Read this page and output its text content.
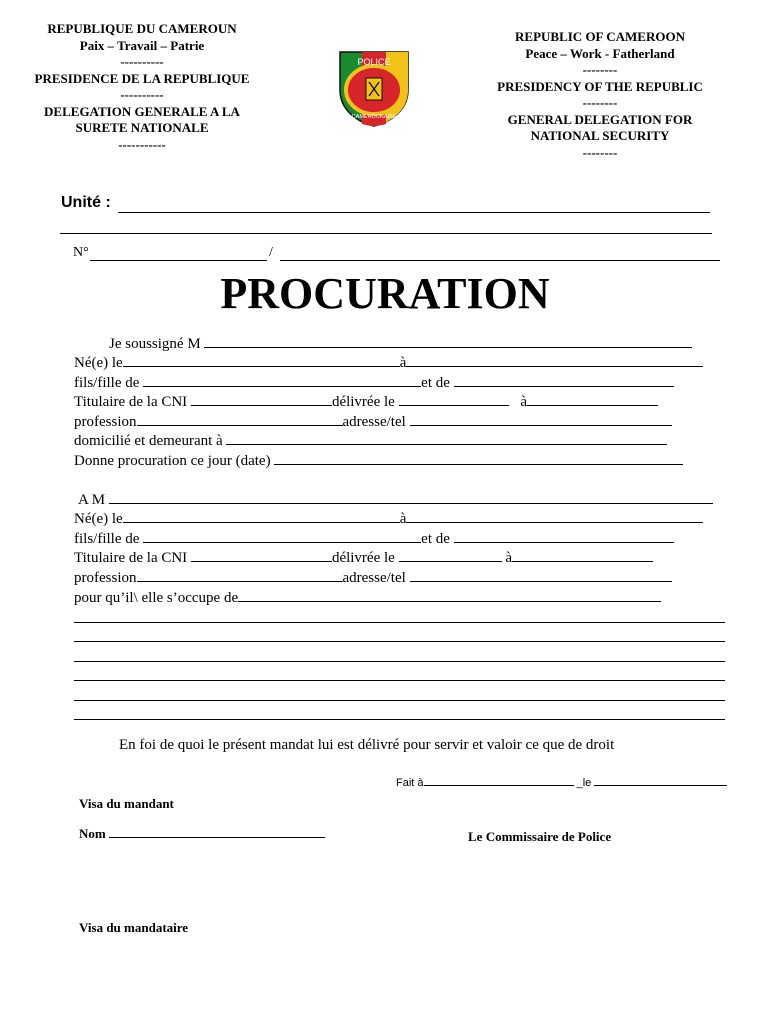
REPUBLIQUE DU CAMEROUN
Paix – Travail – Patrie
----------
PRESIDENCE DE LA REPUBLIQUE
----------
DELEGATION GENERALE A LA
SURETE NATIONALE
-----------
POLICE
CAMEROUNAISE
REPUBLIC OF CAMEROON
Peace – Work - Fatherland
--------
PRESIDENCY OF THE REPUBLIC
--------
GENERAL DELEGATION FOR
NATIONAL SECURITY
--------
Unité :
N°	/
PROCURATION
Je soussigné M
Né(e) le	à
fils/fille de	et de
Titulaire de la CNI	délivrée le	à
profession	adresse/tel
domicilié et demeurant à
Donne procuration ce jour (date)
A M
Né(e) le	à
fils/fille de	et de
Titulaire de la CNI	délivrée le	à
profession	adresse/tel
pour qu’il\ elle s’occupe de
En foi de quoi le présent mandat lui est délivré pour servir et valoir ce que de droit
Fait à	_le
Visa du mandant
Nom	Le Commissaire de Police
Visa du mandataire
